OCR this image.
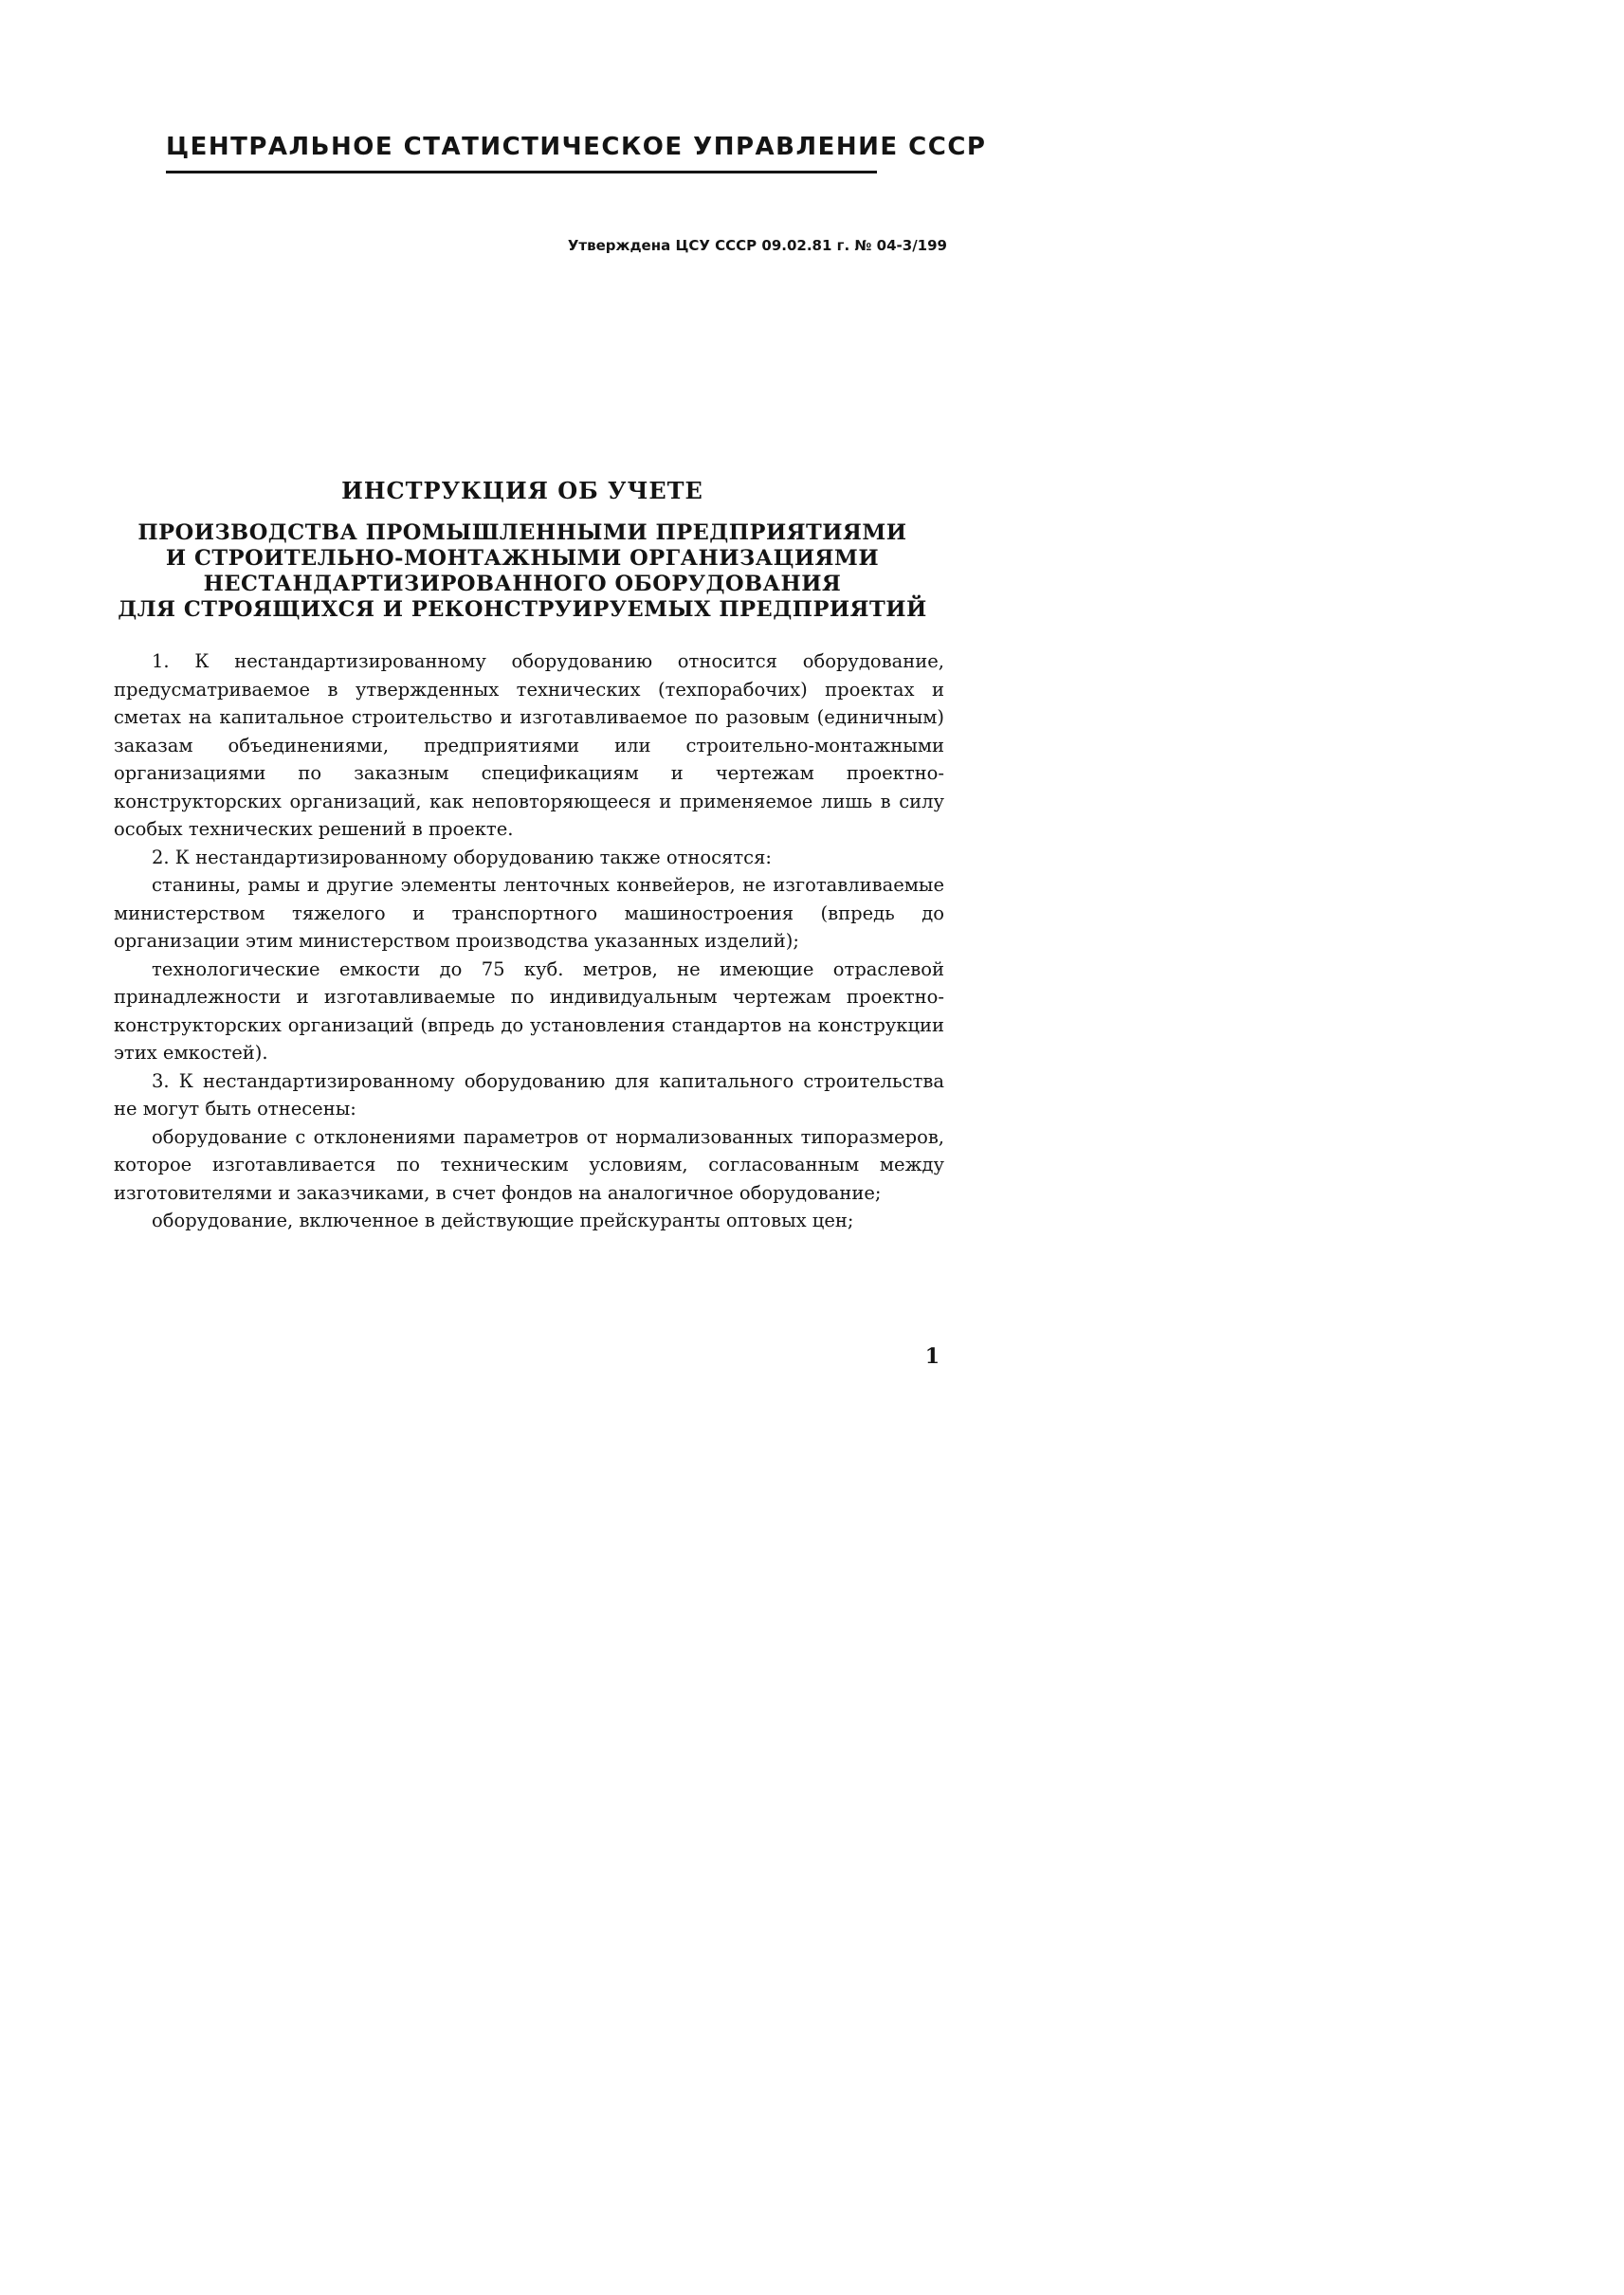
ЦЕНТРАЛЬНОЕ СТАТИСТИЧЕСКОЕ УПРАВЛЕНИЕ СССР
Утверждена ЦСУ СССР 09.02.81 г. № 04-3/199
ИНСТРУКЦИЯ ОБ УЧЕТЕ
ПРОИЗВОДСТВА ПРОМЫШЛЕННЫМИ ПРЕДПРИЯТИЯМИ
И СТРОИТЕЛЬНО-МОНТАЖНЫМИ ОРГАНИЗАЦИЯМИ
НЕСТАНДАРТИЗИРОВАННОГО ОБОРУДОВАНИЯ
ДЛЯ СТРОЯЩИХСЯ И РЕКОНСТРУИРУЕМЫХ ПРЕДПРИЯТИЙ

1. К нестандартизированному оборудованию относится оборудование, предусматриваемое в утвержденных технических (техпорабочих) проектах и сметах на капитальное строительство и изготавливаемое по разовым (единичным) заказам объединениями, предприятиями или строительно-монтажными организациями по заказным спецификациям и чертежам проектно-конструкторских организаций, как неповторяющееся и применяемое лишь в силу особых технических решений в проекте.

2. К нестандартизированному оборудованию также относятся:

станины, рамы и другие элементы ленточных конвейеров, не изготавливаемые министерством тяжелого и транспортного машиностроения (впредь до организации этим министерством производства указанных изделий);

технологические емкости до 75 куб. метров, не имеющие отраслевой принадлежности и изготавливаемые по индивидуальным чертежам проектно-конструкторских организаций (впредь до установления стандартов на конструкции этих емкостей).

3. К нестандартизированному оборудованию для капитального строительства не могут быть отнесены:

оборудование с отклонениями параметров от нормализованных типоразмеров, которое изготавливается по техническим условиям, согласованным между изготовителями и заказчиками, в счет фондов на аналогичное оборудование;

оборудование, включенное в действующие прейскуранты оптовых цен;

1
